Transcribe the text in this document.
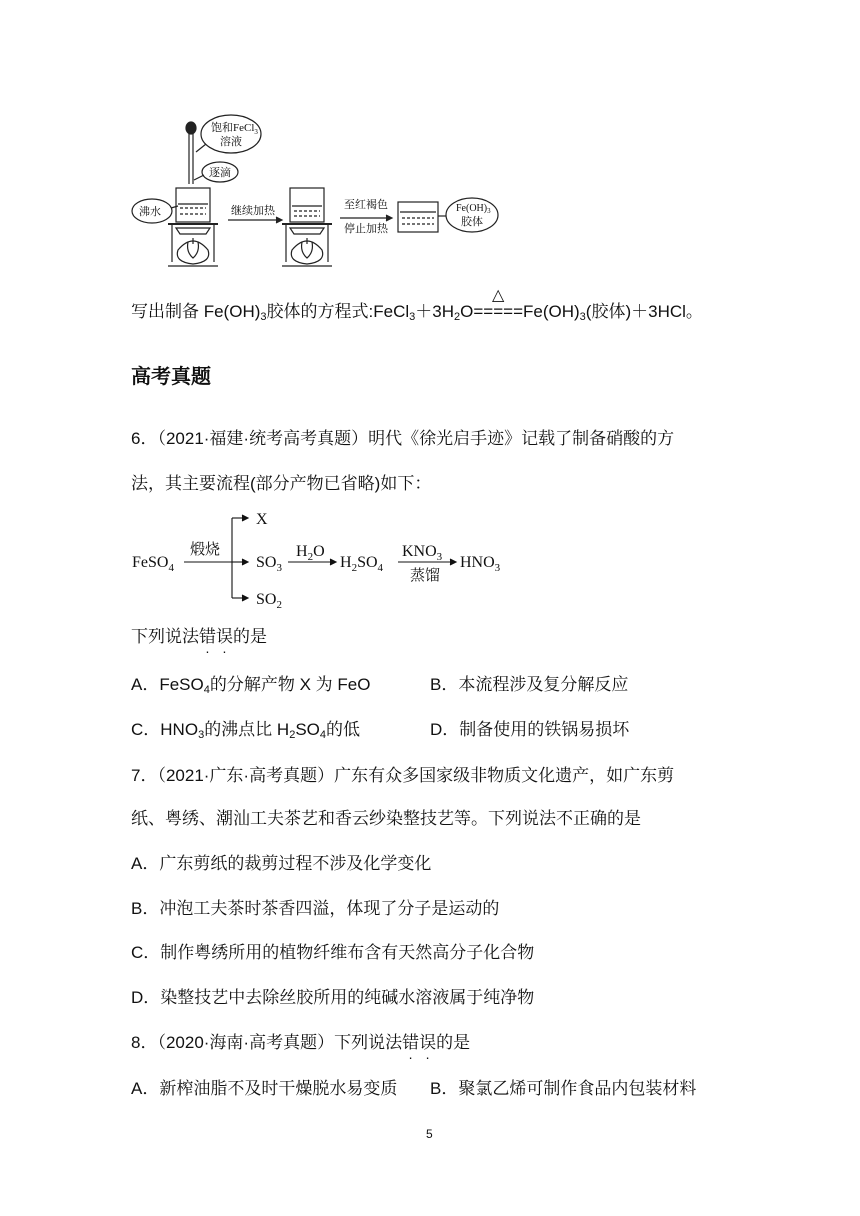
饱和FeCl$_3$
溶液
逐滴
沸水	继续加热	至红褐色
停止加热
$Fe(OH)_3$
胶体
写出制备 $Fe(OH)_3$胶体的方程式$:FeCl_3+3H_2O$
△
$=====Fe(OH)_3$(胶体)＋3HCl。
高考真题
6．（2021·福建·统考高考真题）明代《徐光启手迹》记载了制备硝酸的方
法，其主要流程(部分产物已省略)如下：
FeSO$_4$
煅烧
X
$SO_3$
$SO_2$
$H_2O$
$H_2SO_4$
$KNO_3$
蒸馏
$HNO_3$
下列说法错误的是
A．FeSO$_4$的分解产物 X 为 FeO	B．本流程涉及复分解反应
C．$HNO_3$的沸点比 $H_2SO_4$的低	D．制备使用的铁锅易损坏
7．（2021·广东·高考真题）广东有众多国家级非物质文化遗产，如广东剪
纸、粤绣、潮汕工夫茶艺和香云纱染整技艺等。下列说法不正确的是
A．广东剪纸的裁剪过程不涉及化学变化
B．冲泡工夫茶时茶香四溢，体现了分子是运动的
C．制作粤绣所用的植物纤维布含有天然高分子化合物
D．染整技艺中去除丝胶所用的纯碱水溶液属于纯净物
8．（2020·海南·高考真题）下列说法错误的是
A．新榨油脂不及时干燥脱水易变质 B．聚氯乙烯可制作食品内包装材料
5
